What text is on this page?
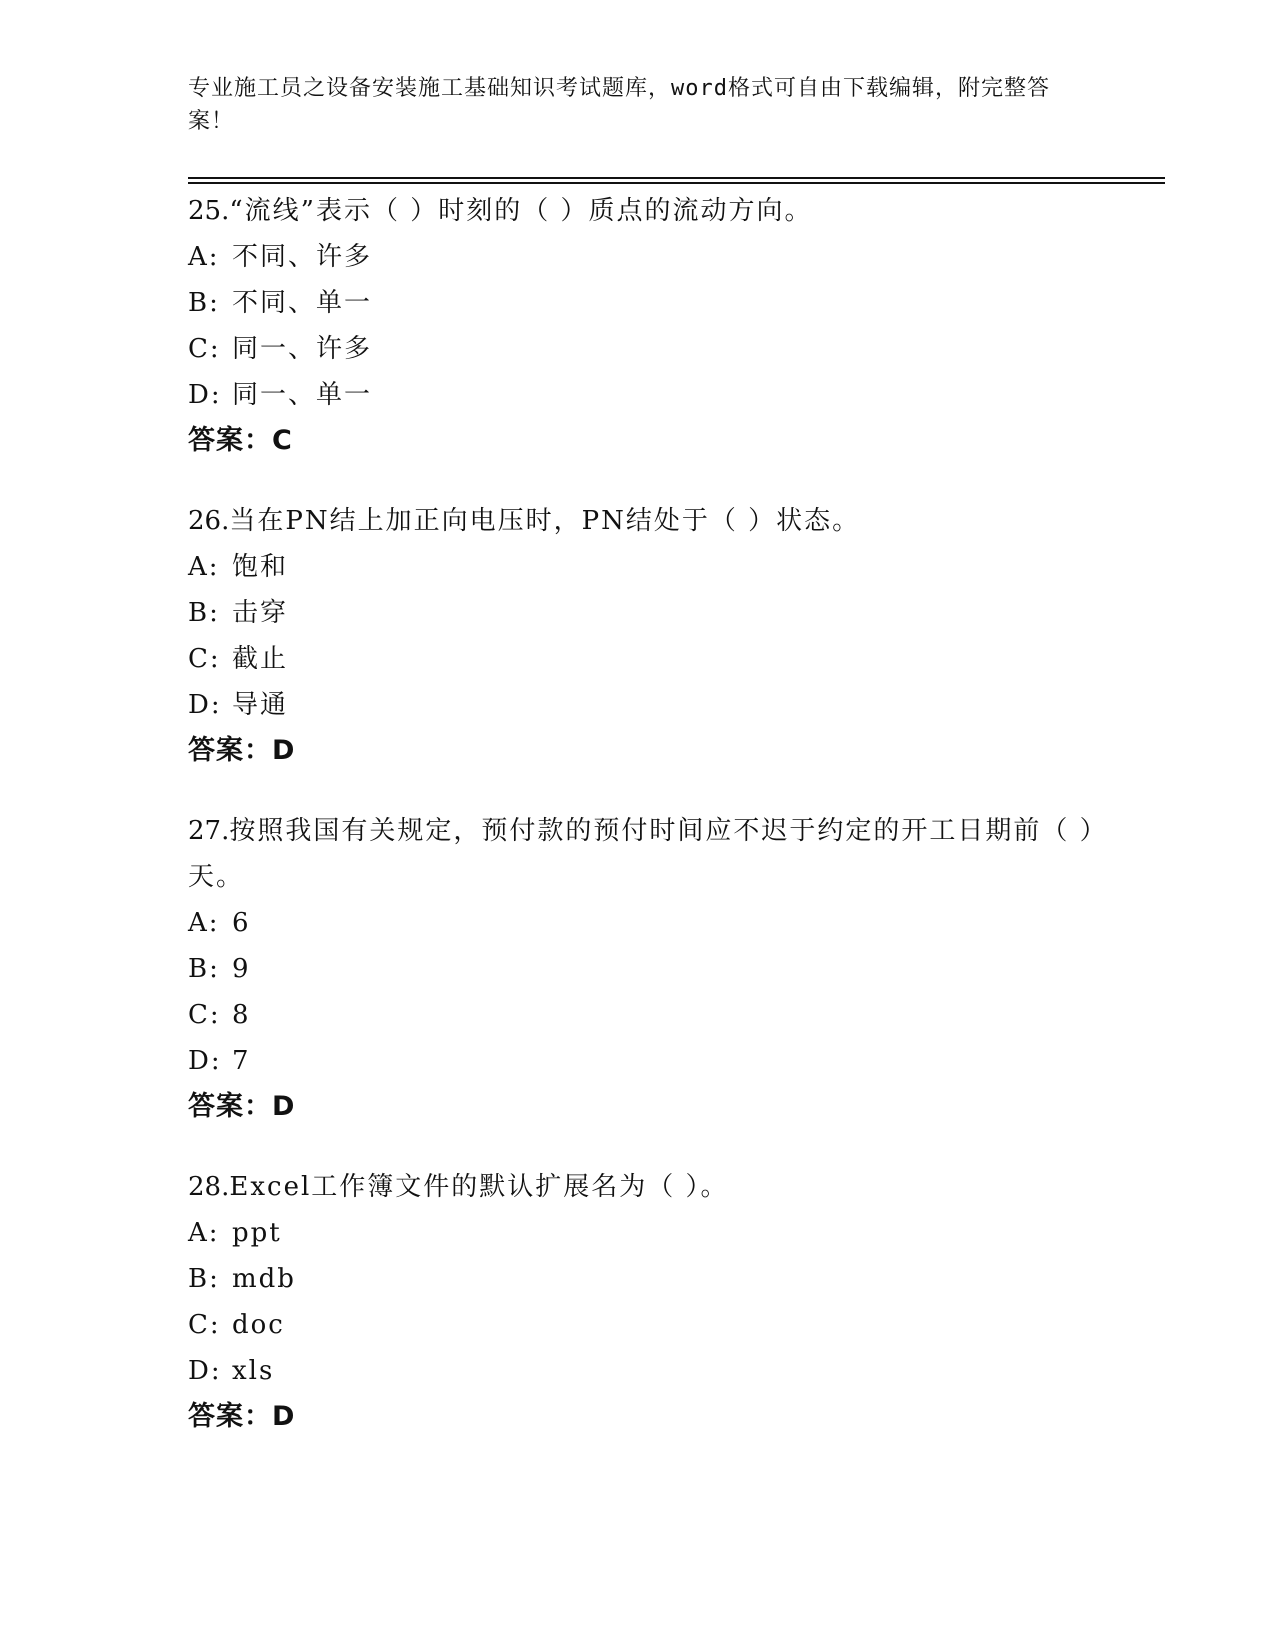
专业施工员之设备安装施工基础知识考试题库，word格式可自由下载编辑，附完整答案！
25.“流线”表示（ ）时刻的（ ）质点的流动方向。
A: 不同、许多
B: 不同、单一
C: 同一、许多
D: 同一、单一
答案：C
26.当在PN结上加正向电压时，PN结处于（ ）状态。
A: 饱和
B: 击穿
C: 截止
D: 导通
答案：D
27.按照我国有关规定，预付款的预付时间应不迟于约定的开工日期前（ ）天。
A: 6
B: 9
C: 8
D: 7
答案：D
28.Excel工作簿文件的默认扩展名为（ ）。
A: ppt
B: mdb
C: doc
D: xls
答案：D
